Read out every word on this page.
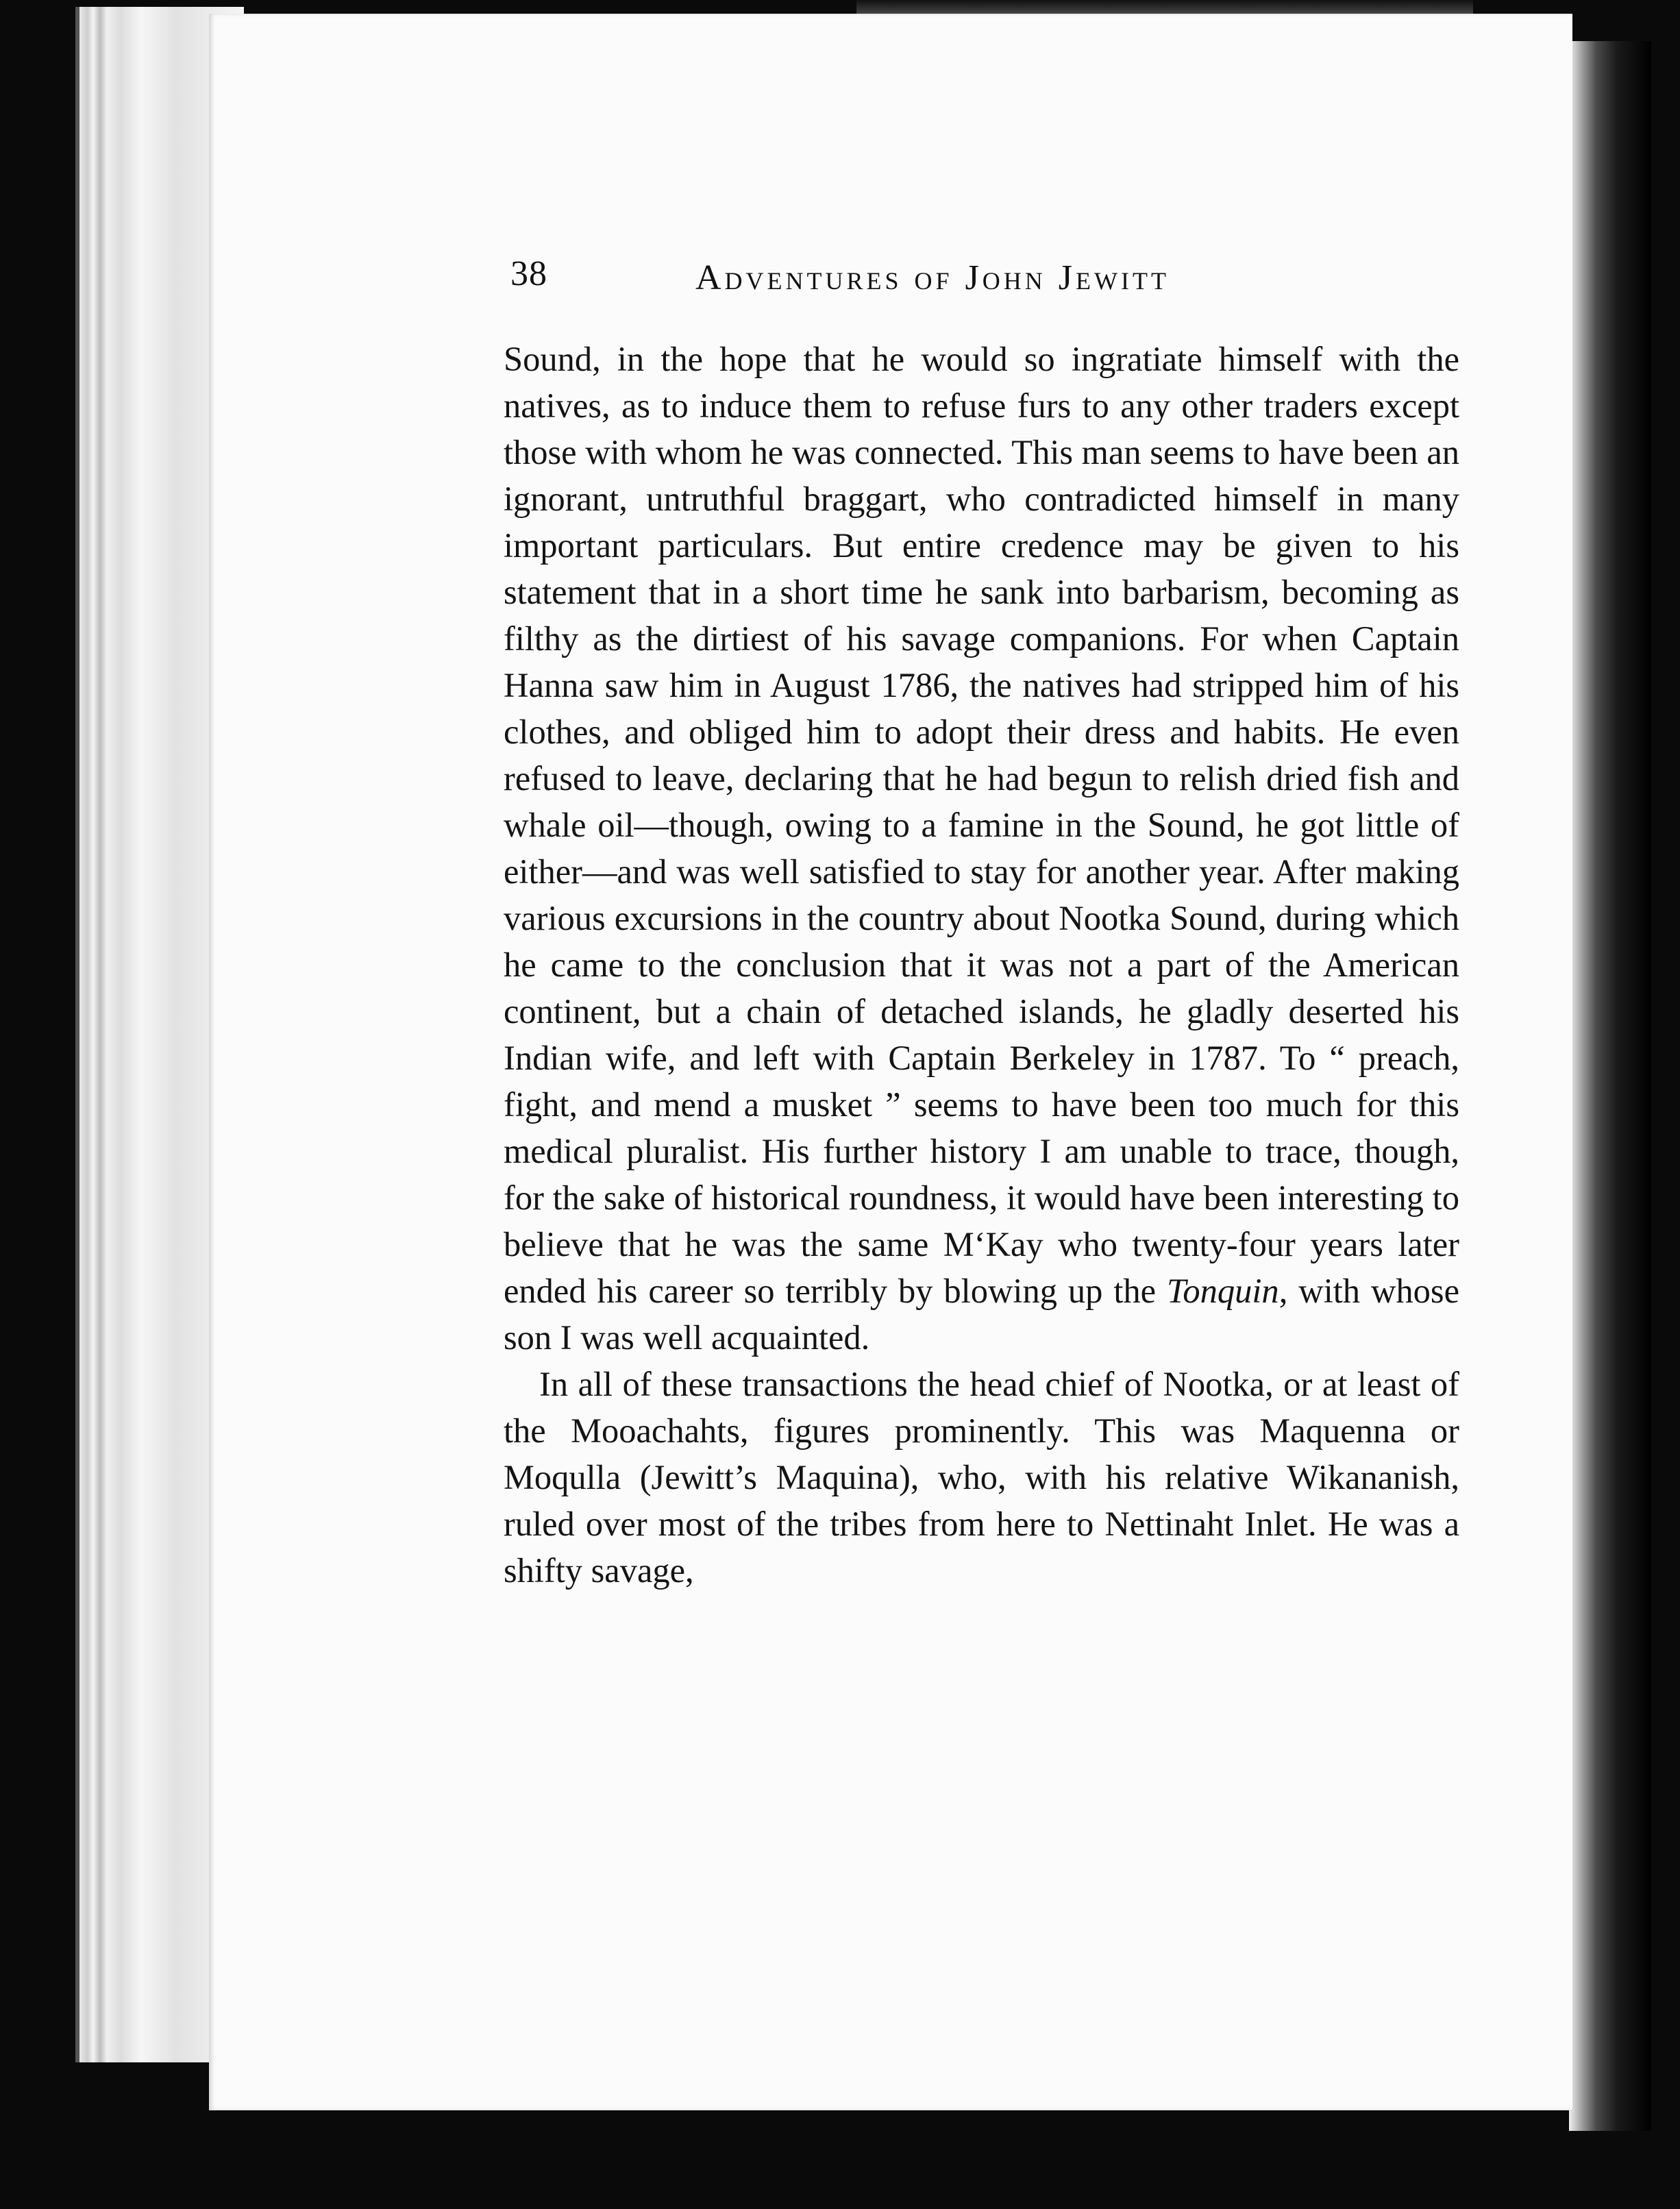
38	Adventures of John Jewitt

Sound, in the hope that he would so ingratiate himself with the natives, as to induce them to refuse furs to any other traders except those with whom he was connected. This man seems to have been an ignorant, untruthful braggart, who contradicted himself in many important particulars. But entire credence may be given to his statement that in a short time he sank into barbarism, becoming as filthy as the dirtiest of his savage companions. For when Captain Hanna saw him in August 1786, the natives had stripped him of his clothes, and obliged him to adopt their dress and habits. He even refused to leave, declaring that he had begun to relish dried fish and whale oil—though, owing to a famine in the Sound, he got little of either—and was well satisfied to stay for another year. After making various excursions in the country about Nootka Sound, during which he came to the conclusion that it was not a part of the American continent, but a chain of detached islands, he gladly deserted his Indian wife, and left with Captain Berkeley in 1787. To “ preach, fight, and mend a musket ” seems to have been too much for this medical pluralist. His further history I am unable to trace, though, for the sake of historical roundness, it would have been interesting to believe that he was the same M‘Kay who twenty-four years later ended his career so terribly by blowing up the Tonquin, with whose son I was well acquainted.

In all of these transactions the head chief of Nootka, or at least of the Mooachahts, figures prominently. This was Maquenna or Moqulla (Jewitt’s Maquina), who, with his relative Wikananish, ruled over most of the tribes from here to Nettinaht Inlet. He was a shifty savage,
